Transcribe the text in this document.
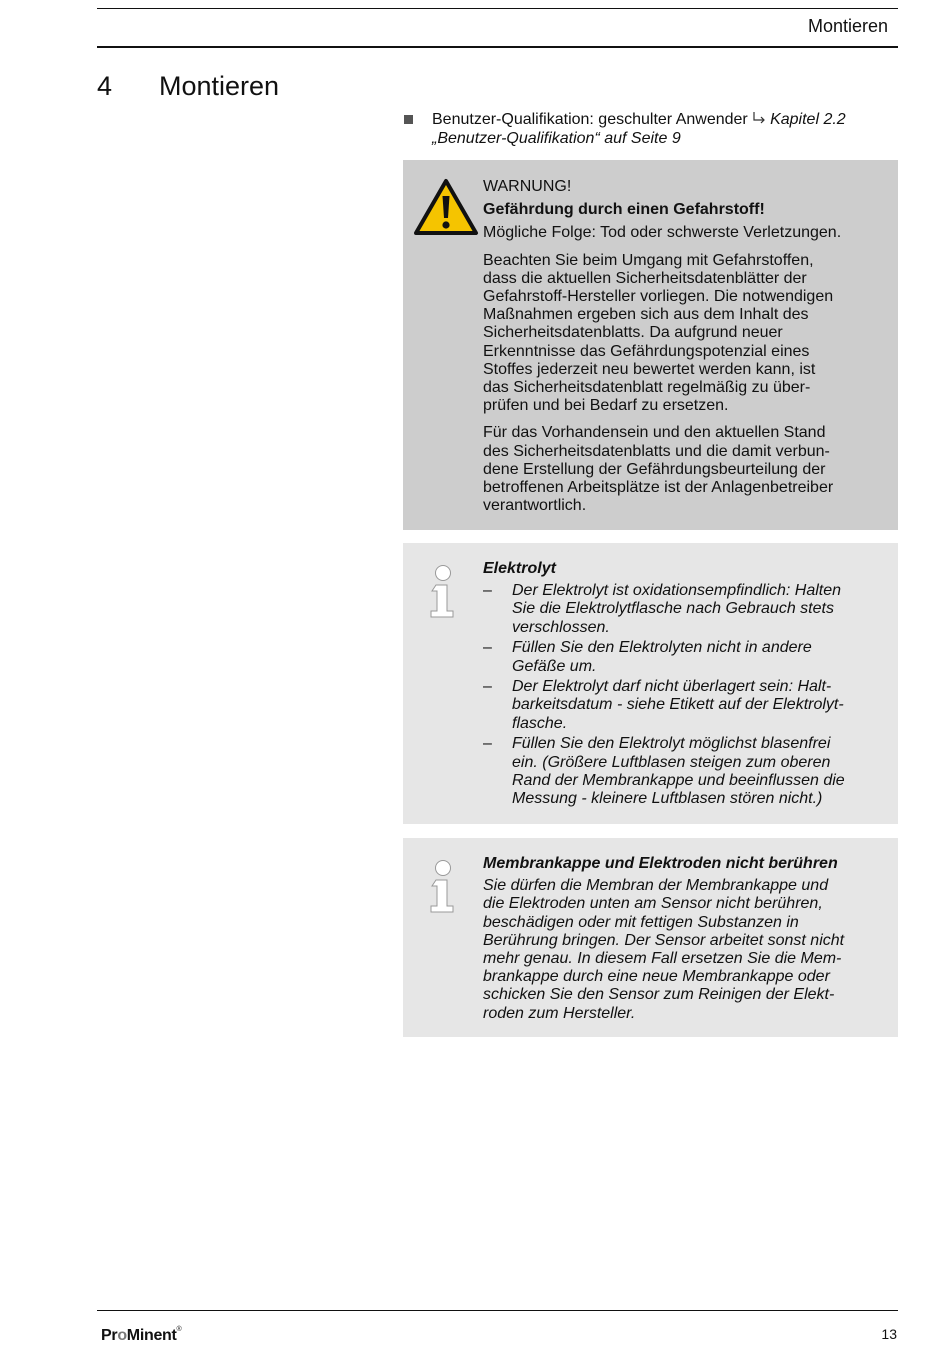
Montieren
4 Montieren
Benutzer-Qualifikation: geschulter Anwender Kapitel 2.2
„Benutzer-Qualifikation“ auf Seite 9

WARNUNG!

Gefährdung durch einen Gefahrstoff!

Mögliche Folge: Tod oder schwerste Verletzungen.

Beachten Sie beim Umgang mit Gefahrstoffen,
dass die aktuellen Sicherheitsdatenblätter der
Gefahrstoff-Hersteller vorliegen. Die notwendigen
Maßnahmen ergeben sich aus dem Inhalt des
Sicherheitsdatenblatts. Da aufgrund neuer
Erkenntnisse das Gefährdungspotenzial eines
Stoffes jederzeit neu bewertet werden kann, ist
das Sicherheitsdatenblatt regelmäßig zu über-
prüfen und bei Bedarf zu ersetzen.

Für das Vorhandensein und den aktuellen Stand
des Sicherheitsdatenblatts und die damit verbun-
dene Erstellung der Gefährdungsbeurteilung der
betroffenen Arbeitsplätze ist der Anlagenbetreiber
verantwortlich.

Elektrolyt

– Der Elektrolyt ist oxidationsempfindlich: Halten
Sie die Elektrolytflasche nach Gebrauch stets
verschlossen.
– Füllen Sie den Elektrolyten nicht in andere
Gefäße um.
– Der Elektrolyt darf nicht überlagert sein: Halt-
barkeitsdatum - siehe Etikett auf der Elektrolyt-
flasche.
– Füllen Sie den Elektrolyt möglichst blasenfrei
ein. (Größere Luftblasen steigen zum oberen
Rand der Membrankappe und beeinflussen die
Messung - kleinere Luftblasen stören nicht.)

Membrankappe und Elektroden nicht berühren

Sie dürfen die Membran der Membrankappe und
die Elektroden unten am Sensor nicht berühren,
beschädigen oder mit fettigen Substanzen in
Berührung bringen. Der Sensor arbeitet sonst nicht
mehr genau. In diesem Fall ersetzen Sie die Mem-
brankappe durch eine neue Membrankappe oder
schicken Sie den Sensor zum Reinigen der Elekt-
roden zum Hersteller.

ProMinent®	13
